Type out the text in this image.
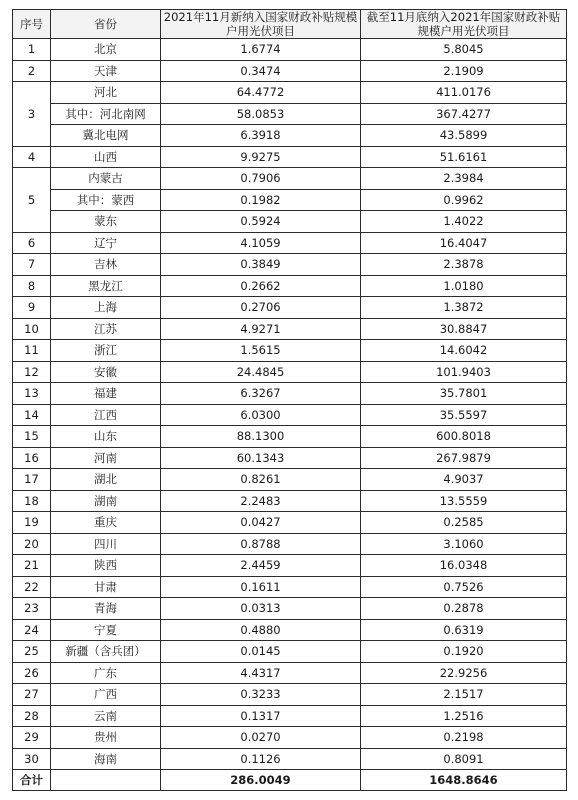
序号	省份	2021年11月新纳入国家财政补贴规模户用光伏项目	截至11月底纳入2021年国家财政补贴规模户用光伏项目
1	北京	1.6774	5.8045
2	天津	0.3474	2.1909
3	河北	64.4772	411.0176
	其中：河北南网	58.0853	367.4277
	冀北电网	6.3918	43.5899
4	山西	9.9275	51.6161
5	内蒙古	0.7906	2.3984
	其中：蒙西	0.1982	0.9962
	蒙东	0.5924	1.4022
6	辽宁	4.1059	16.4047
7	吉林	0.3849	2.3878
8	黑龙江	0.2662	1.0180
9	上海	0.2706	1.3872
10	江苏	4.9271	30.8847
11	浙江	1.5615	14.6042
12	安徽	24.4845	101.9403
13	福建	6.3267	35.7801
14	江西	6.0300	35.5597
15	山东	88.1300	600.8018
16	河南	60.1343	267.9879
17	湖北	0.8261	4.9037
18	湖南	2.2483	13.5559
19	重庆	0.0427	0.2585
20	四川	0.8788	3.1060
21	陕西	2.4459	16.0348
22	甘肃	0.1611	0.7526
23	青海	0.0313	0.2878
24	宁夏	0.4880	0.6319
25	新疆（含兵团）	0.0145	0.1920
26	广东	4.4317	22.9256
27	广西	0.3233	2.1517
28	云南	0.1317	1.2516
29	贵州	0.0270	0.2198
30	海南	0.1126	0.8091
合计		286.0049	1648.8646
